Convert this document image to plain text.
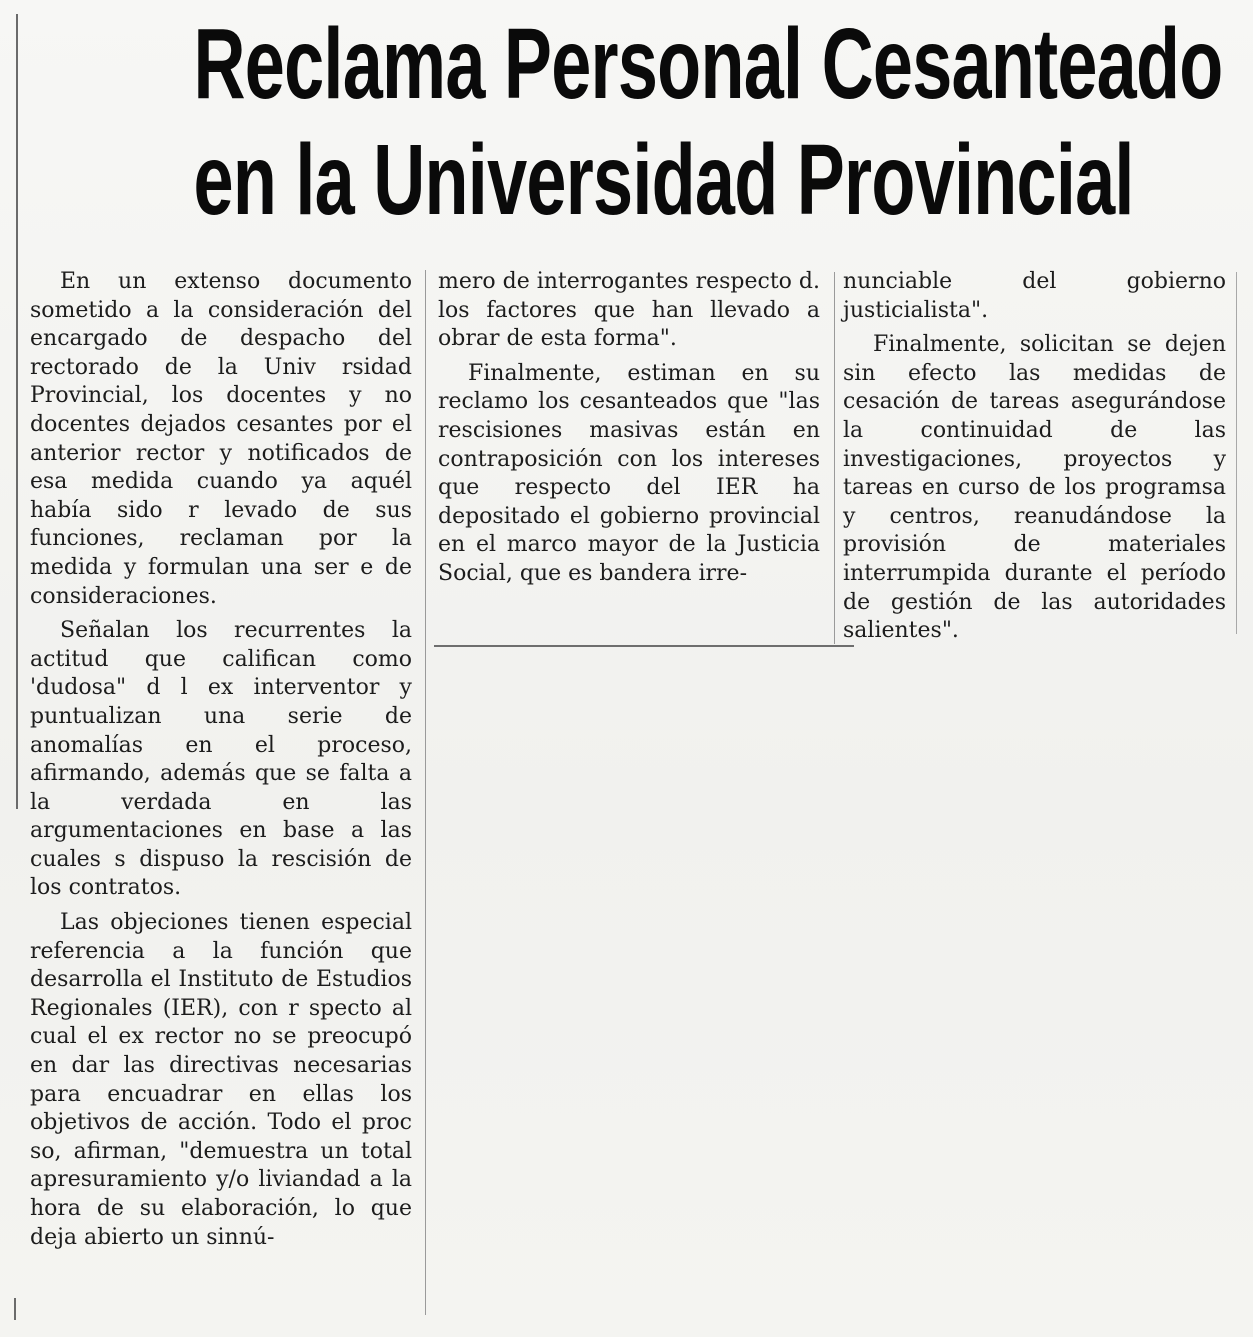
Reclama Personal Cesanteado
en la Universidad Provincial

En un extenso documento sometido a la consideración del encargado de despacho del rectorado de la Univ rsidad Provincial, los docentes y no docentes dejados cesantes por el anterior rector y notificados de esa medida cuando ya aquél había sido r levado de sus funciones, reclaman por la medida y formulan una ser e de consideraciones.

Señalan los recurrentes la actitud que califican como 'dudosa" d l ex interventor y puntualizan una serie de anomalías en el proceso, afirmando, además que se falta a la verdada en las argumentaciones en base a las cuales s dispuso la rescisión de los contratos.

Las objeciones tienen especial referencia a la función que desarrolla el Instituto de Estudios Regionales (IER), con r specto al cual el ex rector no se preocupó en dar las directivas necesarias para encuadrar en ellas los objetivos de acción. Todo el proc so, afirman, "demuestra un total apresuramiento y/o liviandad a la hora de su elaboración, lo que deja abierto un sinnú-

mero de interrogantes respecto d. los factores que han llevado a obrar de esta forma".

Finalmente, estiman en su reclamo los cesanteados que "las rescisiones masivas están en contraposición con los intereses que respecto del IER ha depositado el gobierno provincial en el marco mayor de la Justicia Social, que es bandera irre-

nunciable del gobierno justicialista".

Finalmente, solicitan se dejen sin efecto las medidas de cesación de tareas asegurándose la continuidad de las investigaciones, proyectos y tareas en curso de los programsa y centros, reanudándose la provisión de materiales interrumpida durante el período de gestión de las autoridades salientes".
